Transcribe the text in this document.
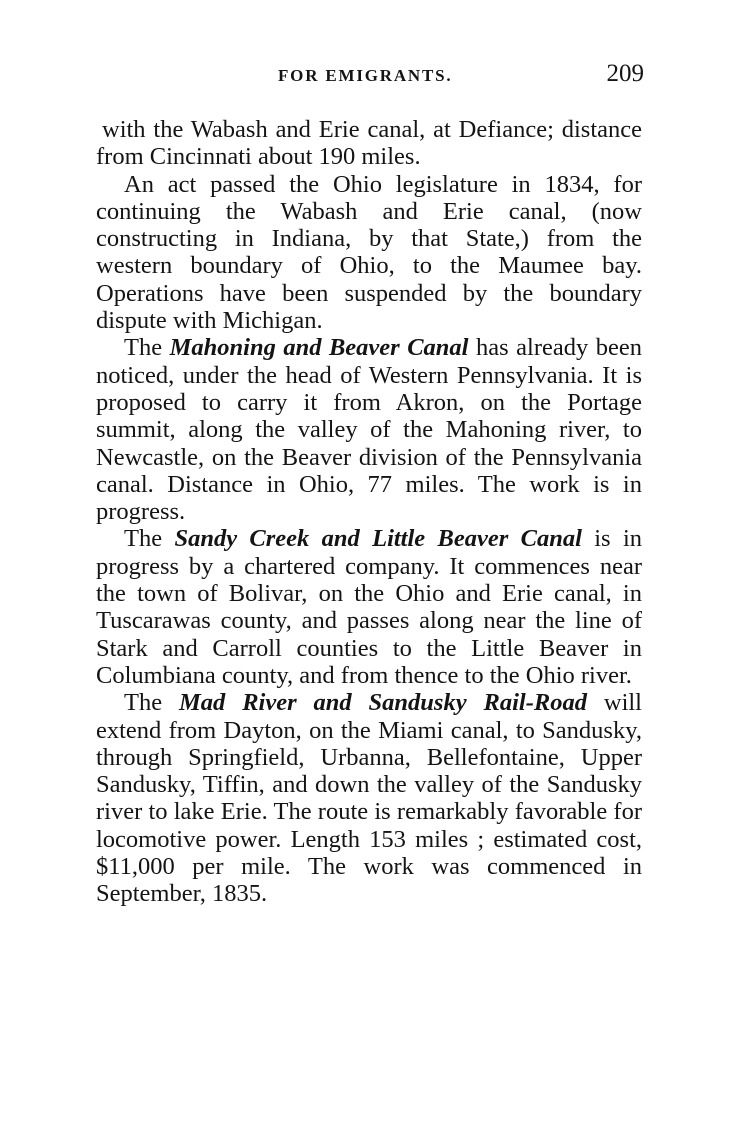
FOR EMIGRANTS.	209

with the Wabash and Erie canal, at Defiance; distance from Cincinnati about 190 miles.

An act passed the Ohio legislature in 1834, for continuing the Wabash and Erie canal, (now constructing in Indiana, by that State,) from the western boundary of Ohio, to the Maumee bay. Operations have been suspended by the boundary dispute with Michigan.

The Mahoning and Beaver Canal has already been noticed, under the head of Western Pennsylvania. It is proposed to carry it from Akron, on the Portage summit, along the valley of the Mahoning river, to Newcastle, on the Beaver division of the Pennsylvania canal. Distance in Ohio, 77 miles. The work is in progress.

The Sandy Creek and Little Beaver Canal is in progress by a chartered company. It commences near the town of Bolivar, on the Ohio and Erie canal, in Tuscarawas county, and passes along near the line of Stark and Carroll counties to the Little Beaver in Columbiana county, and from thence to the Ohio river.

The Mad River and Sandusky Rail-Road will extend from Dayton, on the Miami canal, to Sandusky, through Springfield, Urbanna, Bellefontaine, Upper Sandusky, Tiffin, and down the valley of the Sandusky river to lake Erie. The route is remarkably favorable for locomotive power. Length 153 miles ; estimated cost, $11,000 per mile. The work was commenced in September, 1835.
